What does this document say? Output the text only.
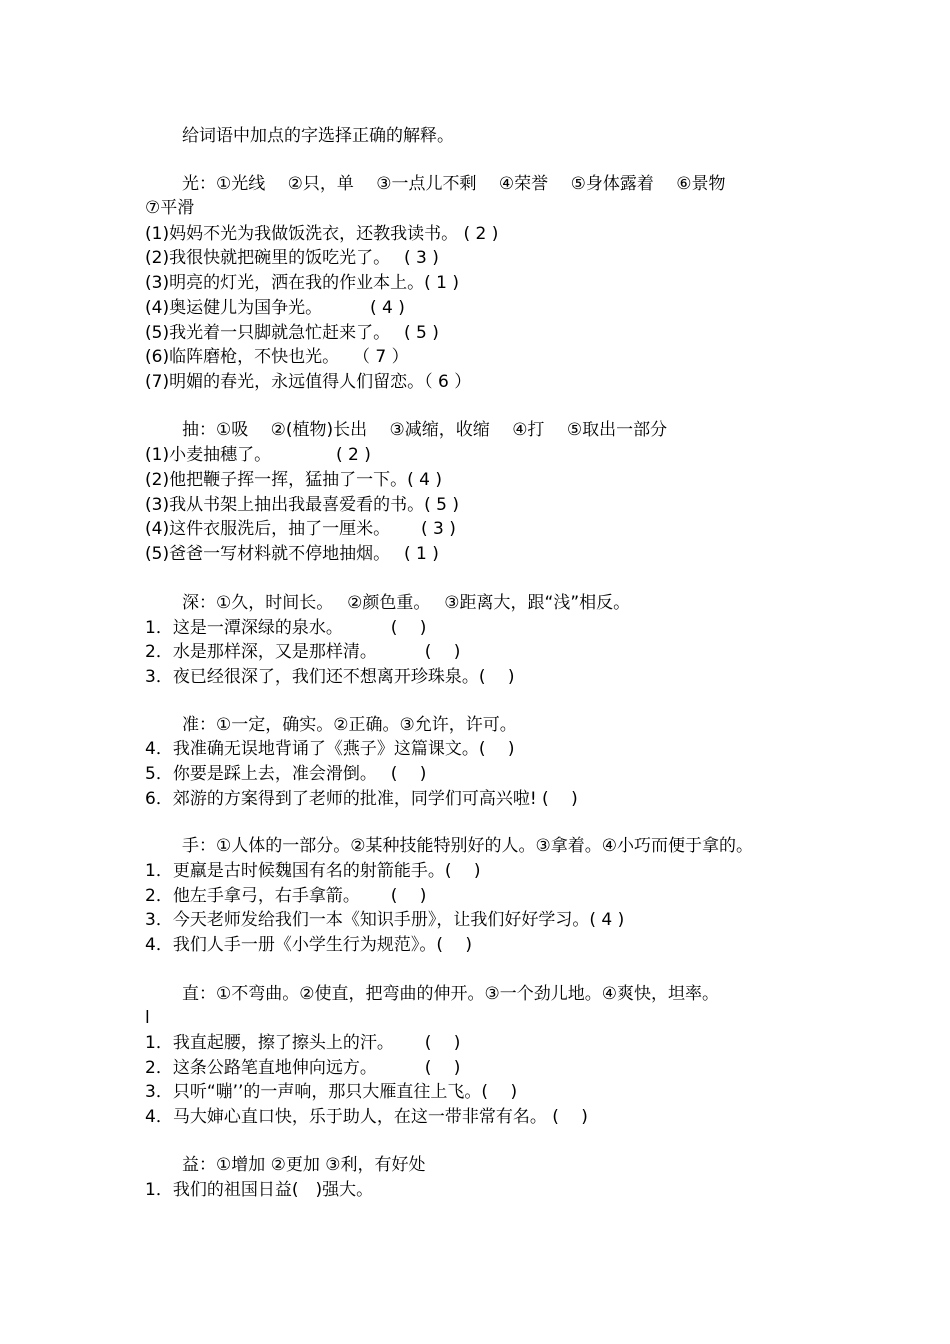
给词语中加点的字选择正确的解释。
光：①光线　 ②只，单　 ③一点儿不剩　 ④荣誉　 ⑤身体露着　 ⑥景物
⑦平滑
(1)妈妈不光为我做饭洗衣，还教我读书。 ( 2 )
(2)我很快就把碗里的饭吃光了。　 ( 3 )
(3)明亮的灯光，洒在我的作业本上。( 1 )
(4)奥运健儿为国争光。　　　 ( 4 )
(5)我光着一只脚就急忙赶来了。　 ( 5 )
(6)临阵磨枪，不快也光。　 （ 7 ）
(7)明媚的春光，永远值得人们留恋。（ 6 ）
抽：①吸　 ②(植物)长出　 ③减缩，收缩　 ④打　 ⑤取出一部分
(1)小麦抽穗了。　　　　 ( 2 )
(2)他把鞭子挥一挥，猛抽了一下。( 4 )
(3)我从书架上抽出我最喜爱看的书。( 5 )
(4)这件衣服洗后，抽了一厘米。　　 ( 3 )
(5)爸爸一写材料就不停地抽烟。　 ( 1 )
深：①久，时间长。　 ②颜色重。　 ③距离大，跟“浅”相反。
1．这是一潭深绿的泉水。　　　 (　 )
2．水是那样深，又是那样清。　　　 (　 )
3．夜已经很深了，我们还不想离开珍珠泉。(　 )
准：①一定，确实。②正确。③允许，许可。
4．我准确无误地背诵了《燕子》这篇课文。(　 )
5．你要是踩上去，准会滑倒。　 (　 )
6．郊游的方案得到了老师的批准，同学们可高兴啦! (　 )
手：①人体的一部分。②某种技能特别好的人。③拿着。④小巧而便于拿的。
1．更羸是古时候魏国有名的射箭能手。(　 )
2．他左手拿弓，右手拿箭。　　 (　 )
3．今天老师发给我们一本《知识手册》，让我们好好学习。( 4 )
4．我们人手一册《小学生行为规范》。(　 )
直：①不弯曲。②使直，把弯曲的伸开。③一个劲儿地。④爽快，坦率。
l
1．我直起腰，擦了擦头上的汗。　　 (　 )
2．这条公路笔直地伸向远方。　　　 (　 )
3．只听“嘣’’的一声响，那只大雁直往上飞。(　 )
4．马大婶心直口快，乐于助人，在这一带非常有名。 (　 )
益：①增加 ②更加 ③利，有好处
1．我们的祖国日益(　)强大。
